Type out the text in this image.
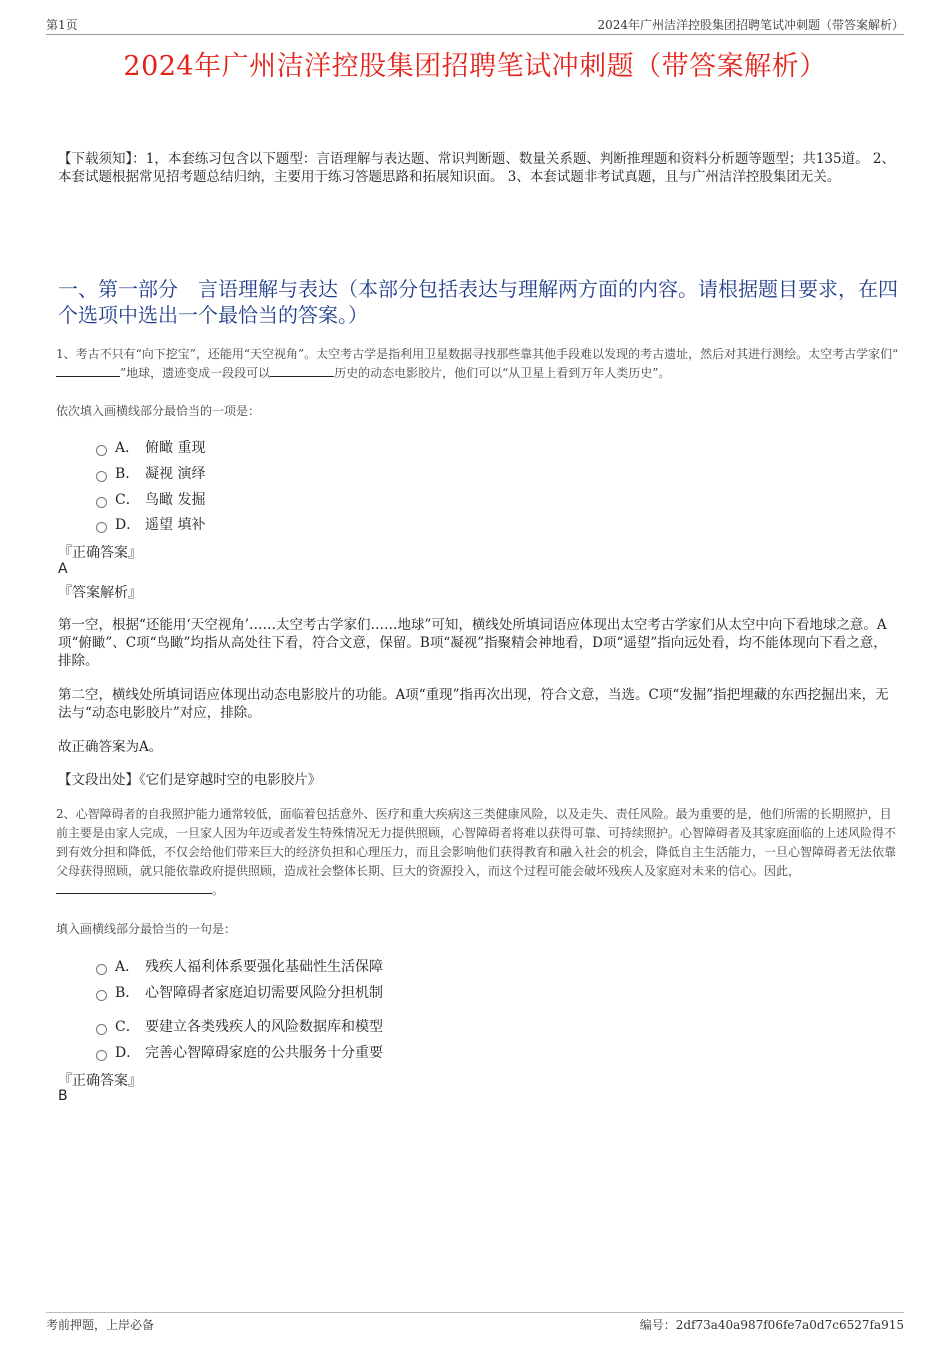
第1页	2024年广州洁洋控股集团招聘笔试冲刺题（带答案解析）
2024年广州洁洋控股集团招聘笔试冲刺题（带答案解析）
【下载须知】：1，本套练习包含以下题型：言语理解与表达题、常识判断题、数量关系题、判断推理题和资料分析题等题型；共135道。 2、本套试题根据常见招考题总结归纳，主要用于练习答题思路和拓展知识面。 3、本套试题非考试真题，且与广州洁洋控股集团无关。
一、第一部分　言语理解与表达（本部分包括表达与理解两方面的内容。请根据题目要求，在四个选项中选出一个最恰当的答案。）
1、考古不只有“向下挖宝”，还能用“天空视角”。太空考古学是指利用卫星数据寻找那些靠其他手段难以发现的考古遗址，然后对其进行测绘。太空考古学家们“”地球，遗迹变成一段段可以	历史的动态电影胶片，他们可以“从卫星上看到万年人类历史”。
依次填入画横线部分最恰当的一项是：
A． 俯瞰 重现
B． 凝视 演绎
C． 鸟瞰 发掘
D． 遥望 填补
『正确答案』
A
『答案解析』
第一空，根据“还能用‘天空视角’……太空考古学家们……地球”可知，横线处所填词语应体现出太空考古学家们从太空中向下看地球之意。A项“俯瞰”、C项“鸟瞰”均指从高处往下看，符合文意，保留。B项“凝视”指聚精会神地看，D项“遥望”指向远处看，均不能体现向下看之意，排除。
第二空，横线处所填词语应体现出动态电影胶片的功能。A项“重现”指再次出现，符合文意，当选。C项“发掘”指把埋藏的东西挖掘出来，无法与“动态电影胶片”对应，排除。
故正确答案为A。
【文段出处】《它们是穿越时空的电影胶片》
2、心智障碍者的自我照护能力通常较低，面临着包括意外、医疗和重大疾病这三类健康风险，以及走失、责任风险。最为重要的是，他们所需的长期照护，目前主要是由家人完成，一旦家人因为年迈或者发生特殊情况无力提供照顾，心智障碍者将难以获得可靠、可持续照护。心智障碍者及其家庭面临的上述风险得不到有效分担和降低，不仅会给他们带来巨大的经济负担和心理压力，而且会影响他们获得教育和融入社会的机会，降低自主生活能力，一旦心智障碍者无法依靠父母获得照顾，就只能依靠政府提供照顾，造成社会整体长期、巨大的资源投入，而这个过程可能会破坏残疾人及家庭对未来的信心。因此，。
填入画横线部分最恰当的一句是：
A． 残疾人福利体系要强化基础性生活保障
B． 心智障碍者家庭迫切需要风险分担机制
C． 要建立各类残疾人的风险数据库和模型
D． 完善心智障碍家庭的公共服务十分重要
『正确答案』
B
考前押题，上岸必备	编号：2df73a40a987f06fe7a0d7c6527fa915
